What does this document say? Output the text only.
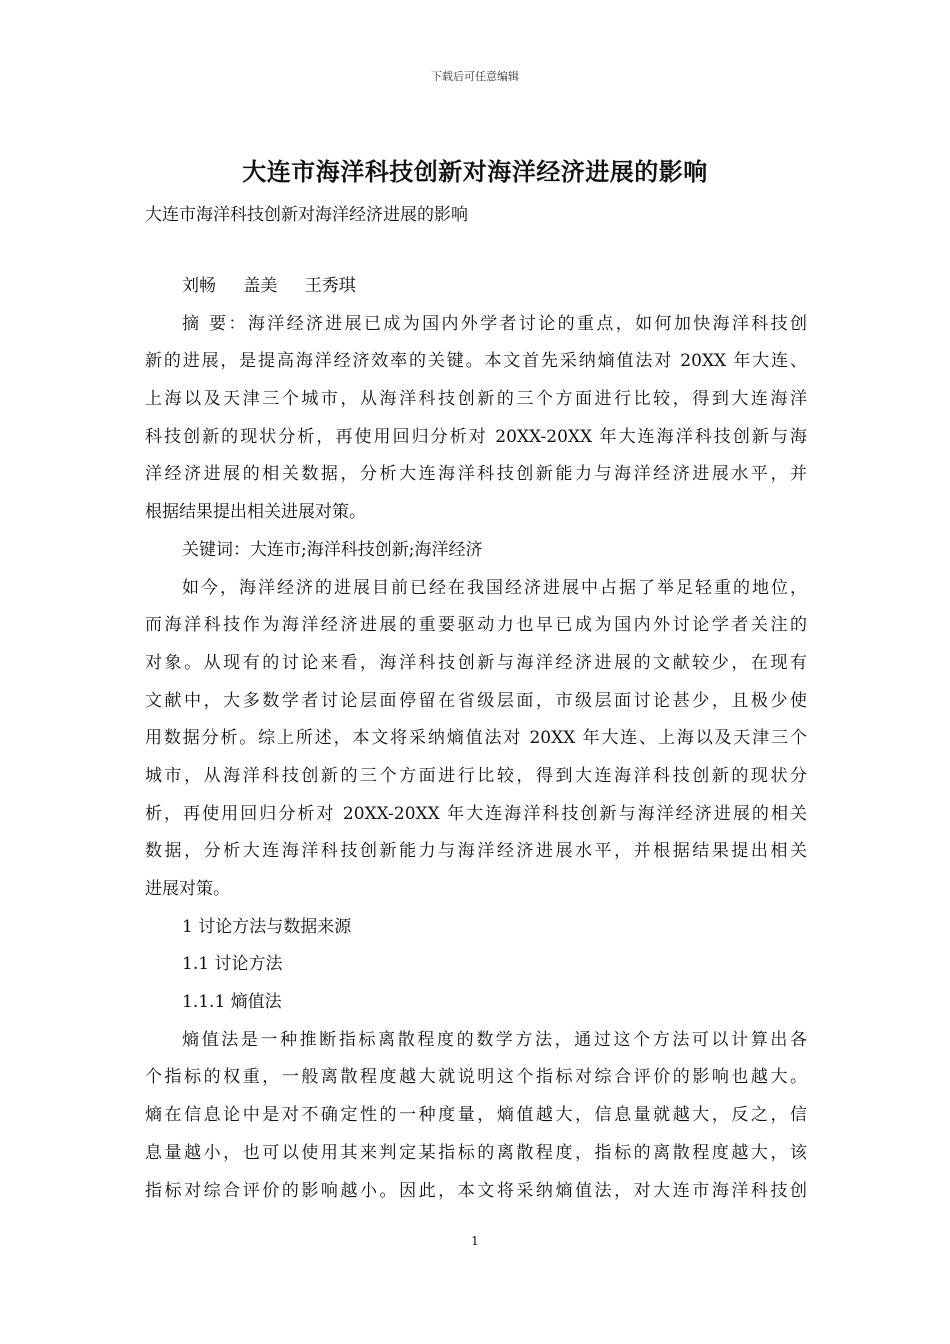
下载后可任意编辑
大连市海洋科技创新对海洋经济进展的影响
大连市海洋科技创新对海洋经济进展的影响
刘畅 盖美 王秀琪
摘 要：海洋经济进展已成为国内外学者讨论的重点，如何加快海洋科技创
新的进展，是提高海洋经济效率的关键。本文首先采纳熵值法对 20XX 年大连、
上海以及天津三个城市，从海洋科技创新的三个方面进行比较，得到大连海洋
科技创新的现状分析，再使用回归分析对 20XX-20XX 年大连海洋科技创新与海
洋经济进展的相关数据，分析大连海洋科技创新能力与海洋经济进展水平，并
根据结果提出相关进展对策。
关键词：大连市;海洋科技创新;海洋经济
如今，海洋经济的进展目前已经在我国经济进展中占据了举足轻重的地位，
而海洋科技作为海洋经济进展的重要驱动力也早已成为国内外讨论学者关注的
对象。从现有的讨论来看，海洋科技创新与海洋经济进展的文献较少，在现有
文献中，大多数学者讨论层面停留在省级层面，市级层面讨论甚少，且极少使
用数据分析。综上所述，本文将采纳熵值法对 20XX 年大连、上海以及天津三个
城市，从海洋科技创新的三个方面进行比较，得到大连海洋科技创新的现状分
析，再使用回归分析对 20XX-20XX 年大连海洋科技创新与海洋经济进展的相关
数据，分析大连海洋科技创新能力与海洋经济进展水平，并根据结果提出相关
进展对策。
1 讨论方法与数据来源
1.1 讨论方法
1.1.1 熵值法
熵值法是一种推断指标离散程度的数学方法，通过这个方法可以计算出各
个指标的权重，一般离散程度越大就说明这个指标对综合评价的影响也越大。
熵在信息论中是对不确定性的一种度量，熵值越大，信息量就越大，反之，信
息量越小，也可以使用其来判定某指标的离散程度，指标的离散程度越大，该
指标对综合评价的影响越小。因此，本文将采纳熵值法，对大连市海洋科技创
1
